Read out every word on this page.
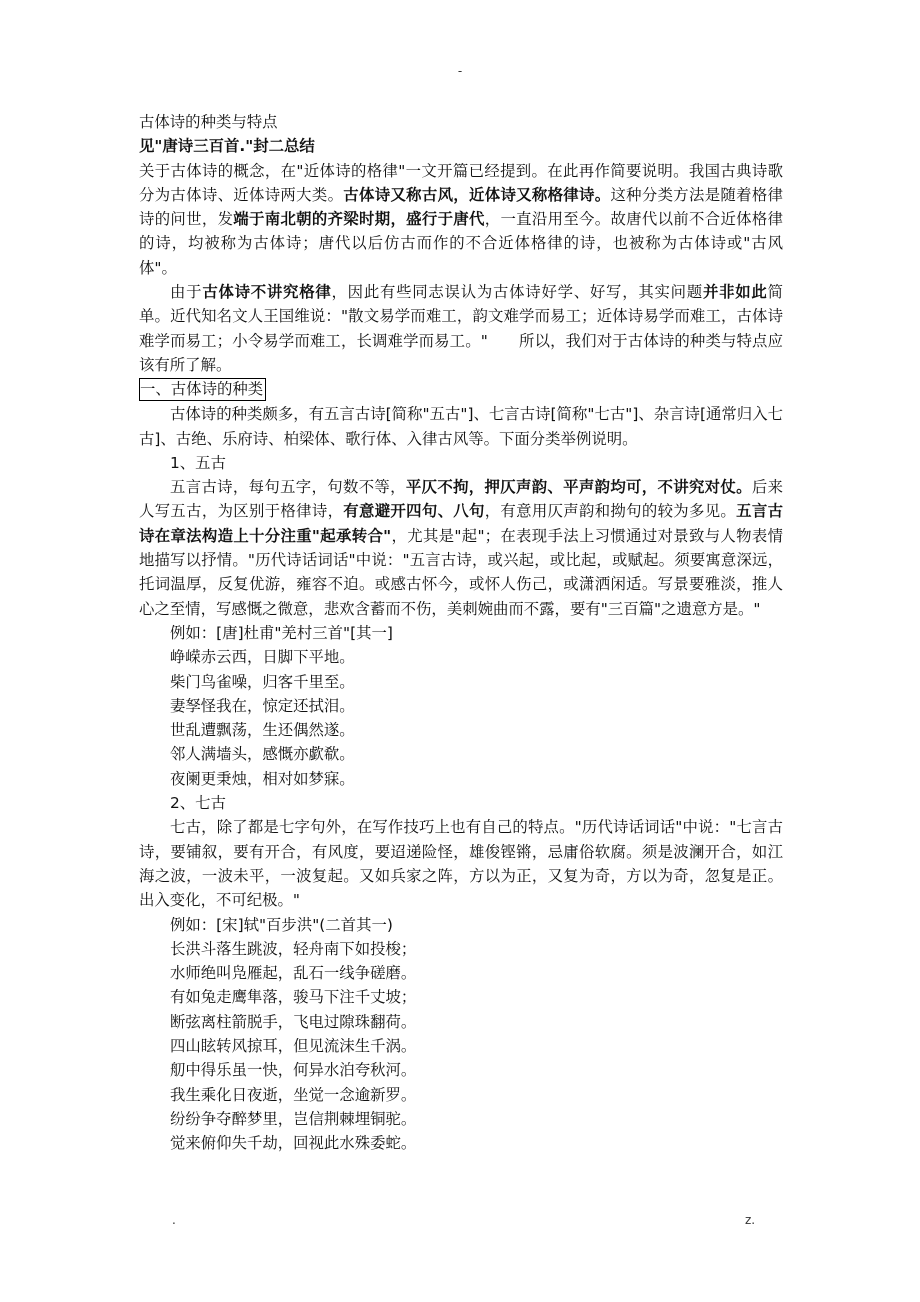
-

古体诗的种类与特点

见"唐诗三百首."封二总结

关于古体诗的概念，在"近体诗的格律"一文开篇已经提到。在此再作简要说明。我国古典诗歌分为古体诗、近体诗两大类。古体诗又称古风，近体诗又称格律诗。这种分类方法是随着格律诗的问世，发端于南北朝的齐梁时期，盛行于唐代，一直沿用至今。故唐代以前不合近体格律的诗，均被称为古体诗；唐代以后仿古而作的不合近体格律的诗，也被称为古体诗或"古风体"。

由于古体诗不讲究格律，因此有些同志误认为古体诗好学、好写，其实问题并非如此简单。近代知名文人王国维说："散文易学而难工，韵文难学而易工；近体诗易学而难工，古体诗难学而易工；小令易学而难工，长调难学而易工。"　　所以，我们对于古体诗的种类与特点应该有所了解。

一、古体诗的种类

古体诗的种类颇多，有五言古诗[简称"五古"]、七言古诗[简称"七古"]、杂言诗[通常归入七古]、古绝、乐府诗、柏梁体、歌行体、入律古风等。下面分类举例说明。

1、五古

五言古诗，每句五字，句数不等，平仄不拘，押仄声韵、平声韵均可，不讲究对仗。后来人写五古，为区别于格律诗，有意避开四句、八句，有意用仄声韵和拗句的较为多见。五言古诗在章法构造上十分注重"起承转合"，尤其是"起"；在表现手法上习惯通过对景致与人物表情地描写以抒情。"历代诗话词话"中说："五言古诗，或兴起，或比起，或赋起。须要寓意深远，托词温厚，反复优游，雍容不迫。或感古怀今，或怀人伤己，或潇洒闲适。写景要雅淡，推人心之至情，写感慨之微意，悲欢含蓄而不伤，美刺婉曲而不露，要有"三百篇"之遗意方是。"

例如：[唐]杜甫"羌村三首"[其一]

峥嵘赤云西，日脚下平地。

柴门鸟雀噪，归客千里至。

妻孥怪我在，惊定还拭泪。

世乱遭飘荡，生还偶然遂。

邻人满墙头，感慨亦歔欷。

夜阑更秉烛，相对如梦寐。

2、七古

七古，除了都是七字句外，在写作技巧上也有自己的特点。"历代诗话词话"中说："七言古诗，要铺叙，要有开合，有风度，要迢递险怪，雄俊铿锵，忌庸俗软腐。须是波澜开合，如江海之波，一波未平，一波复起。又如兵家之阵，方以为正，又复为奇，方以为奇，忽复是正。出入变化，不可纪极。"

例如：[宋]轼"百步洪"(二首其一)

长洪斗落生跳波，轻舟南下如投梭；

水师绝叫凫雁起，乱石一线争磋磨。

有如兔走鹰隼落，骏马下注千丈坡；

断弦离柱箭脱手，飞电过隙珠翻荷。

四山眩转风掠耳，但见流沫生千涡。

舠中得乐虽一快，何异水泊夸秋河。

我生乘化日夜逝，坐觉一念逾新罗。

纷纷争夺醉梦里，岂信荆棘埋铜驼。

觉来俯仰失千劫，回视此水殊委蛇。

.	z.
